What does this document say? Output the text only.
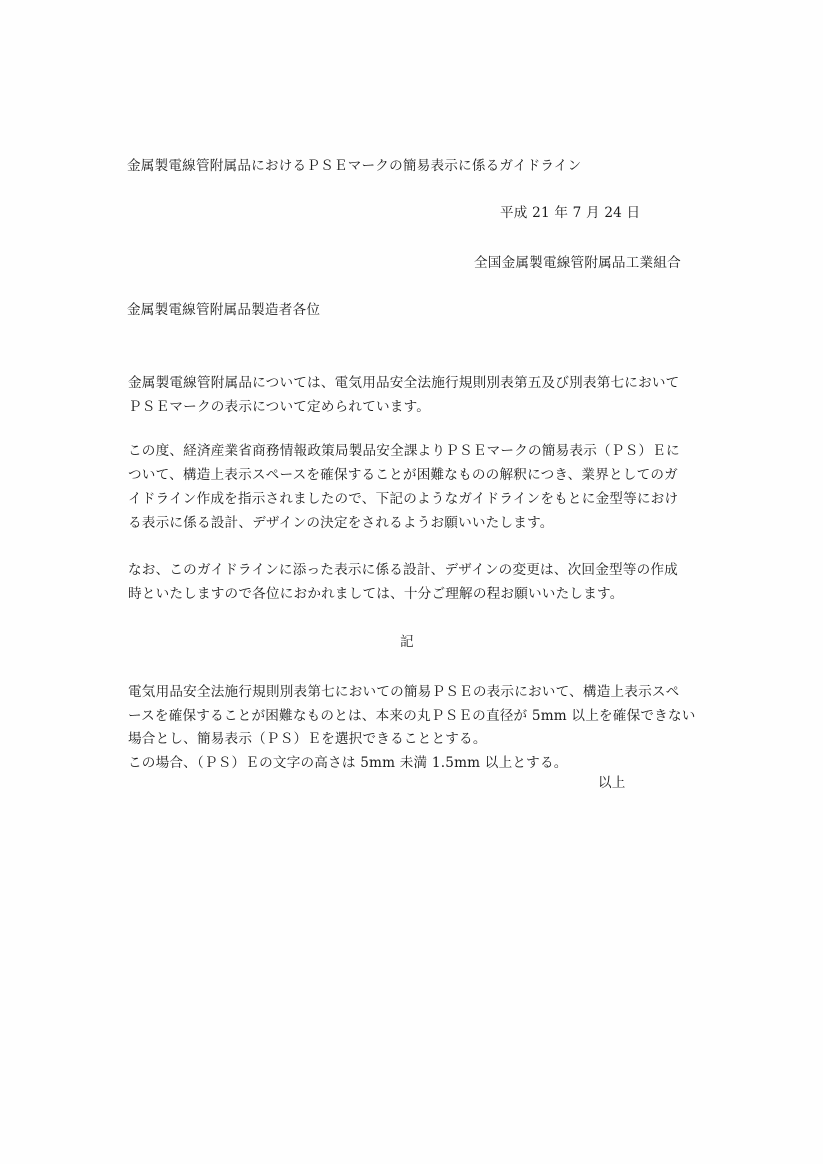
金属製電線管附属品におけるＰＳＥマークの簡易表示に係るガイドライン
平成 21 年 7 月 24 日
全国金属製電線管附属品工業組合
金属製電線管附属品製造者各位
金属製電線管附属品については、電気用品安全法施行規則別表第五及び別表第七において
ＰＳＥマークの表示について定められています。
この度、経済産業省商務情報政策局製品安全課よりＰＳＥマークの簡易表示（ＰＳ）Ｅに
ついて、構造上表示スペースを確保することが困難なものの解釈につき、業界としてのガ
イドライン作成を指示されましたので、下記のようなガイドラインをもとに金型等におけ
る表示に係る設計、デザインの決定をされるようお願いいたします。
なお、このガイドラインに添った表示に係る設計、デザインの変更は、次回金型等の作成
時といたしますので各位におかれましては、十分ご理解の程お願いいたします。
記
電気用品安全法施行規則別表第七においての簡易ＰＳＥの表示において、構造上表示スペ
ースを確保することが困難なものとは、本来の丸ＰＳＥの直径が 5mm 以上を確保できない
場合とし、簡易表示（ＰＳ）Ｅを選択できることとする。
この場合、（ＰＳ）Ｅの文字の高さは 5mm 未満 1.5mm 以上とする。
以上
